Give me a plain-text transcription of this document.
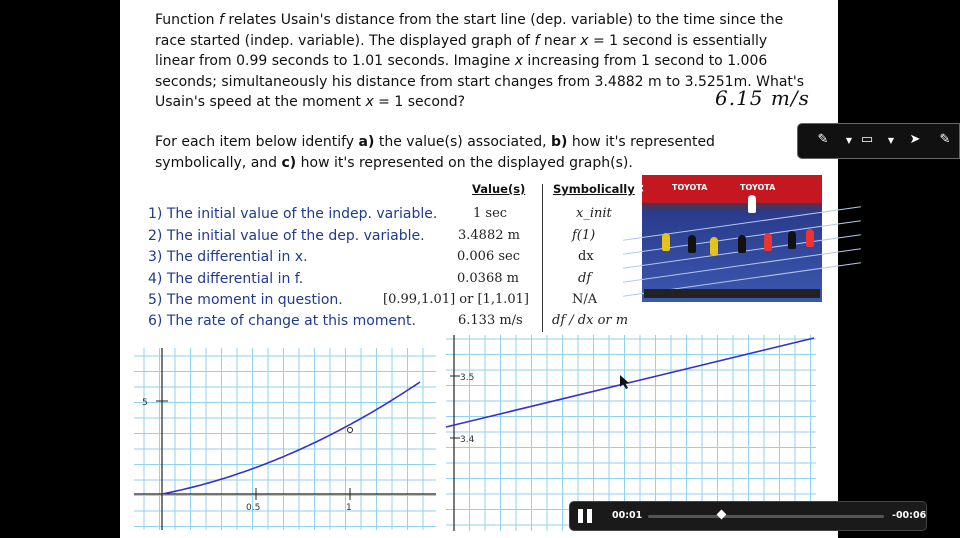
Function f relates Usain's distance from the start line (dep. variable) to the time since the race started (indep. variable). The displayed graph of f near x = 1 second is essentially linear from 0.99 seconds to 1.01 seconds. Imagine x increasing from 1 second to 1.006 seconds; simultaneously his distance from start changes from 3.4882 m to 3.5251m. What's Usain's speed at the moment x = 1 second?	6.15 m/s

For each item below identify a) the value(s) associated, b) how it's represented symbolically, and c) how it's represented on the displayed graph(s).

Value(s) Symbolically
1) The initial value of the indep. variable.	1 sec	x_init
2) The initial value of the dep. variable.	3.4882 m	f(1)
3) The differential in x.	0.006 sec	dx
4) The differential in f.	0.0368 m	df
5) The moment in question.	[0.99,1.01] or [1,1.01]	N/A
6) The rate of change at this moment.	6.133 m/s df / dx or m
TOYOTA	TOYOTA
‹
5
0.5	1
3.5
3.4
00:01	-00:06
✎	▼ ▭	▼	➤	✎
